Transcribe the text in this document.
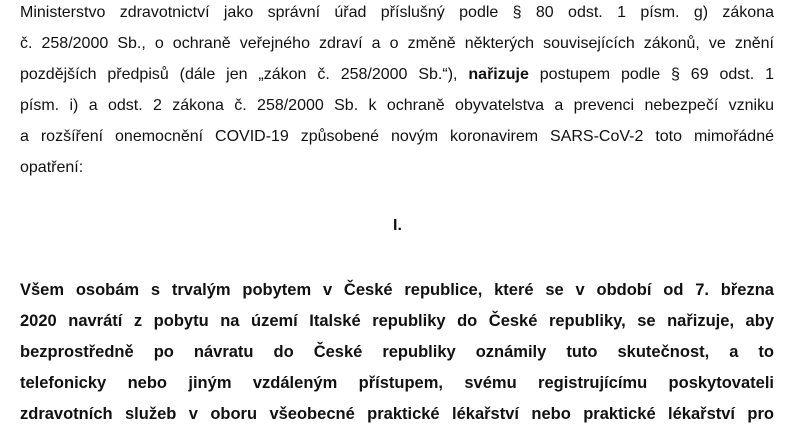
Ministerstvo zdravotnictví jako správní úřad příslušný podle § 80 odst. 1 písm. g) zákona
č. 258/2000 Sb., o ochraně veřejného zdraví a o změně některých souvisejících zákonů, ve znění
pozdějších předpisů (dále jen „zákon č. 258/2000 Sb.“), nařizuje postupem podle § 69 odst. 1
písm. i) a odst. 2 zákona č. 258/2000 Sb. k ochraně obyvatelstva a prevenci nebezpečí vzniku
a rozšíření onemocnění COVID-19 způsobené novým koronavirem SARS-CoV-2 toto mimořádné
opatření:
I.
Všem osobám s trvalým pobytem v České republice, které se v období od 7. března
2020 navrátí z pobytu na území Italské republiky do České republiky, se nařizuje, aby
bezprostředně po návratu do České republiky oznámily tuto skutečnost, a to
telefonicky nebo jiným vzdáleným přístupem, svému registrujícímu poskytovateli
zdravotních služeb v oboru všeobecné praktické lékařství nebo praktické lékařství pro
